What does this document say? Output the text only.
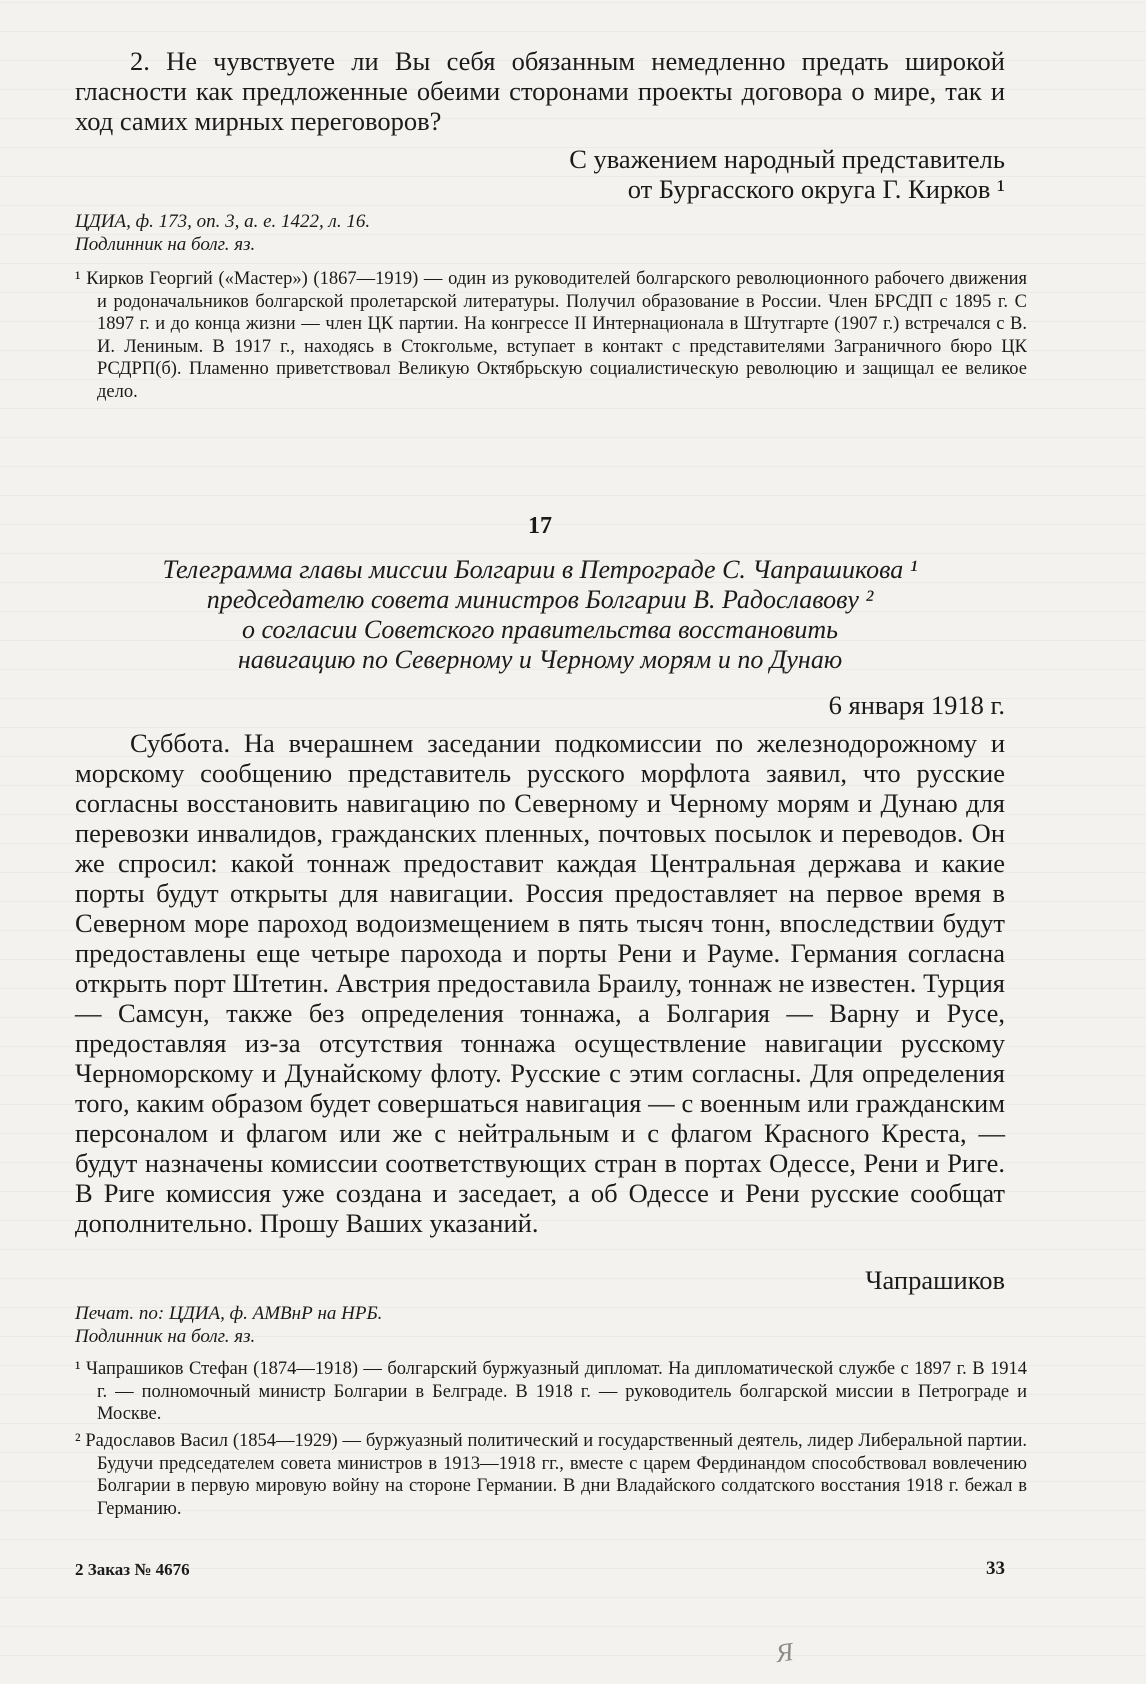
2. Не чувствуете ли Вы себя обязанным немедленно предать широкой гласности как предложенные обеими сторонами проекты договора о мире, так и ход самих мирных переговоров?

С уважением народный представитель

от Бургасского округа Г. Кирков ¹

ЦДИА, ф. 173, оп. 3, а. е. 1422, л. 16.

Подлинник на болг. яз.

¹ Кирков Георгий («Мастер») (1867—1919) — один из руководителей болгарского революционного рабочего движения и родоначальников болгарской пролетарской литературы. Получил образование в России. Член БРСДП с 1895 г. С 1897 г. и до конца жизни — член ЦК партии. На конгрессе II Интернационала в Штутгарте (1907 г.) встречался с В. И. Лениным. В 1917 г., находясь в Стокгольме, вступает в контакт с представителями Заграничного бюро ЦК РСДРП(б). Пламенно приветствовал Великую Октябрьскую социалистическую революцию и защищал ее великое дело.

17
Телеграмма главы миссии Болгарии в Петрограде С. Чапрашикова ¹
председателю совета министров Болгарии В. Радославову ²
о согласии Советского правительства восстановить
навигацию по Северному и Черному морям и по Дунаю

6 января 1918 г.

Суббота. На вчерашнем заседании подкомиссии по железнодорожному и морскому сообщению представитель русского морфлота заявил, что русские согласны восстановить навигацию по Северному и Черному морям и Дунаю для перевозки инвалидов, гражданских пленных, почтовых посылок и переводов. Он же спросил: какой тоннаж предоставит каждая Центральная держава и какие порты будут открыты для навигации. Россия предоставляет на первое время в Северном море пароход водоизмещением в пять тысяч тонн, впоследствии будут предоставлены еще четыре парохода и порты Рени и Рауме. Германия согласна открыть порт Штетин. Австрия предоставила Браилу, тоннаж не известен. Турция — Самсун, также без определения тоннажа, а Болгария — Варну и Русе, предоставляя из-за отсутствия тоннажа осуществление навигации русскому Черноморскому и Дунайскому флоту. Русские с этим согласны. Для определения того, каким образом будет совершаться навигация — с военным или гражданским персоналом и флагом или же с нейтральным и с флагом Красного Креста, — будут назначены комиссии соответствующих стран в портах Одессе, Рени и Риге. В Риге комиссия уже создана и заседает, а об Одессе и Рени русские сообщат дополнительно. Прошу Ваших указаний.

Чапрашиков

Печат. по: ЦДИА, ф. АМВнР на НРБ.

Подлинник на болг. яз.

¹ Чапрашиков Стефан (1874—1918) — болгарский буржуазный дипломат. На дипломатической службе с 1897 г. В 1914 г. — полномочный министр Болгарии в Белграде. В 1918 г. — руководитель болгарской миссии в Петрограде и Москве.

² Радославов Васил (1854—1929) — буржуазный политический и государственный деятель, лидер Либеральной партии. Будучи председателем совета министров в 1913—1918 гг., вместе с царем Фердинандом способствовал вовлечению Болгарии в первую мировую войну на стороне Германии. В дни Владайского солдатского восстания 1918 г. бежал в Германию.

2 Заказ № 4676	33
Я
